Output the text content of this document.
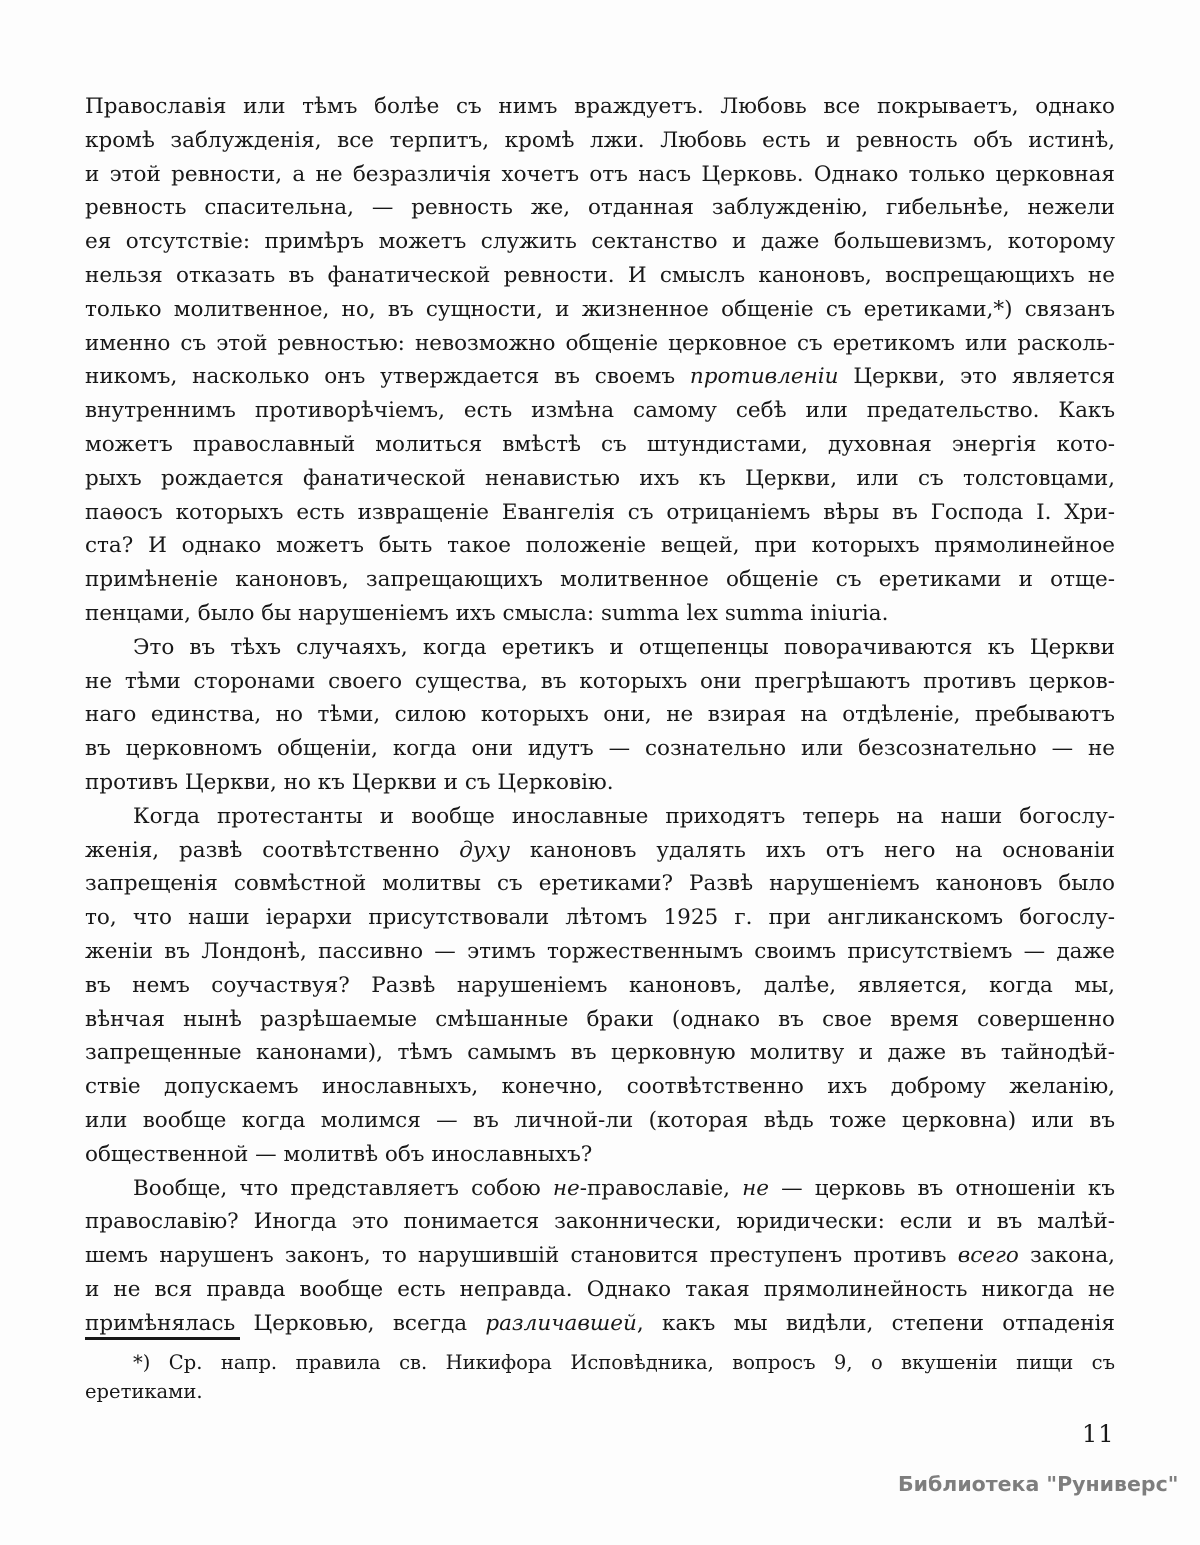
Православія или тѣмъ болѣе съ нимъ враждуетъ. Любовь все покрываетъ, однако
кромѣ заблужденія, все терпитъ, кромѣ лжи. Любовь есть и ревность объ истинѣ,
и этой ревности, а не безразличія хочетъ отъ насъ Церковь. Однако только церковная
ревность спасительна, — ревность же, отданная заблужденію, гибельнѣе, нежели
ея отсутствіе: примѣръ можетъ служить сектанство и даже большевизмъ, которому
нельзя отказать въ фанатической ревности. И смыслъ каноновъ, воспрещающихъ не
только молитвенное, но, въ сущности, и жизненное общеніе съ еретиками,*) связанъ
именно съ этой ревностью: невозможно общеніе церковное съ еретикомъ или расколь-
никомъ, насколько онъ утверждается въ своемъ противленіи Церкви, это является
внутреннимъ противорѣчіемъ, есть измѣна самому себѣ или предательство. Какъ
можетъ православный молиться вмѣстѣ съ штундистами, духовная энергія кото-
рыхъ рождается фанатической ненавистью ихъ къ Церкви, или съ толстовцами,
паѳосъ которыхъ есть извращеніе Евангелія съ отрицаніемъ вѣры въ Господа І. Хри-
ста? И однако можетъ быть такое положеніе вещей, при которыхъ прямолинейное
примѣненіе каноновъ, запрещающихъ молитвенное общеніе съ еретиками и отще-
пенцами, было бы нарушеніемъ ихъ смысла: summa lex summa iniuria.
Это въ тѣхъ случаяхъ, когда еретикъ и отщепенцы поворачиваются къ Церкви
не тѣми сторонами своего существа, въ которыхъ они прегрѣшаютъ противъ церков-
наго единства, но тѣми, силою которыхъ они, не взирая на отдѣленіе, пребываютъ
въ церковномъ общеніи, когда они идутъ — сознательно или безсознательно — не
противъ Церкви, но къ Церкви и съ Церковію.
Когда протестанты и вообще инославные приходятъ теперь на наши богослу-
женія, развѣ соотвѣтственно духу каноновъ удалять ихъ отъ него на основаніи
запрещенія совмѣстной молитвы съ еретиками? Развѣ нарушеніемъ каноновъ было
то, что наши іерархи присутствовали лѣтомъ 1925 г. при англиканскомъ богослу-
женіи въ Лондонѣ, пассивно — этимъ торжественнымъ своимъ присутствіемъ — даже
въ немъ соучаствуя? Развѣ нарушеніемъ каноновъ, далѣе, является, когда мы,
вѣнчая нынѣ разрѣшаемые смѣшанные браки (однако въ свое время совершенно
запрещенные канонами), тѣмъ самымъ въ церковную молитву и даже въ тайнодѣй-
ствіе допускаемъ инославныхъ, конечно, соотвѣтственно ихъ доброму желанію,
или вообще когда молимся — въ личной-ли (которая вѣдь тоже церковна) или въ
общественной — молитвѣ объ инославныхъ?
Вообще, что представляетъ собою не-православіе, не — церковь въ отношеніи къ
православію? Иногда это понимается законнически, юридически: если и въ малѣй-
шемъ нарушенъ законъ, то нарушившій становится преступенъ противъ всего закона,
и не вся правда вообще есть неправда. Однако такая прямолинейность никогда не
примѣнялась Церковью, всегда различавшей, какъ мы видѣли, степени отпаденія
*) Ср. напр. правила св. Никифора Исповѣдника, вопросъ 9, о вкушеніи пищи съ
еретиками.
11
Библиотека "Руниверс"
